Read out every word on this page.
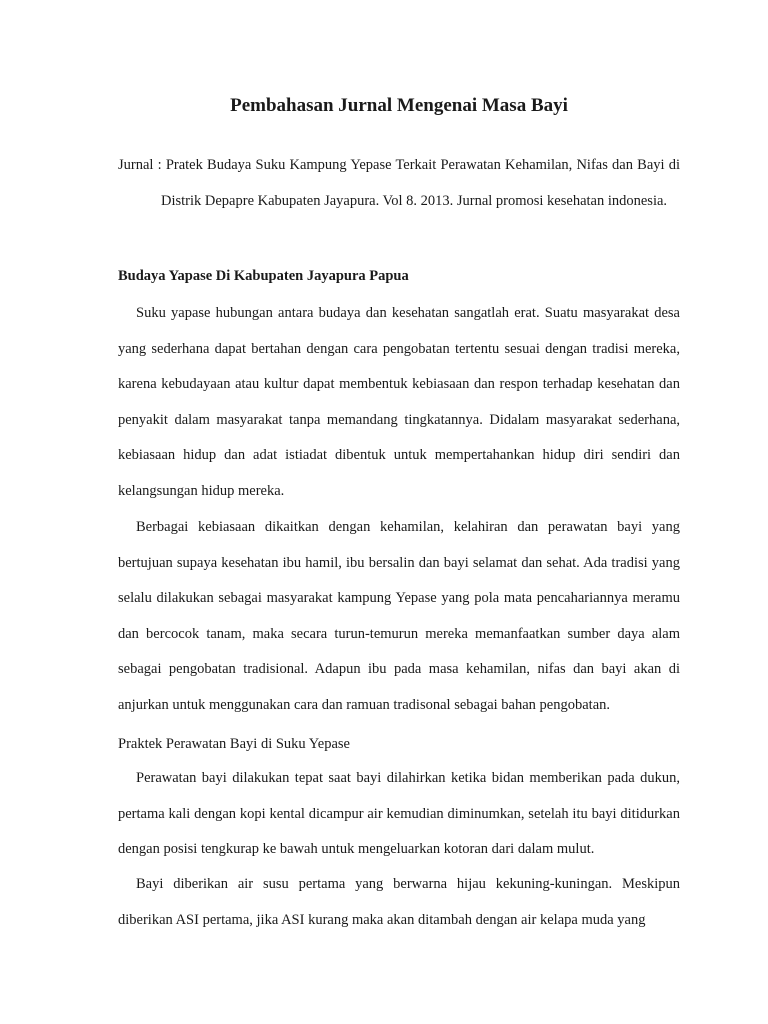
Pembahasan Jurnal Mengenai Masa Bayi

Jurnal : Pratek Budaya Suku Kampung Yepase Terkait Perawatan Kehamilan, Nifas dan Bayi di Distrik Depapre Kabupaten Jayapura. Vol 8. 2013. Jurnal promosi kesehatan indonesia.

Budaya Yapase Di Kabupaten Jayapura Papua

Suku yapase hubungan antara budaya dan kesehatan sangatlah erat. Suatu masyarakat desa yang sederhana dapat bertahan dengan cara pengobatan tertentu sesuai dengan tradisi mereka, karena kebudayaan atau kultur dapat membentuk kebiasaan dan respon terhadap kesehatan dan penyakit dalam masyarakat tanpa memandang tingkatannya. Didalam masyarakat sederhana, kebiasaan hidup dan adat istiadat dibentuk untuk mempertahankan hidup diri sendiri dan kelangsungan hidup mereka.

Berbagai kebiasaan dikaitkan dengan kehamilan, kelahiran dan perawatan bayi yang bertujuan supaya kesehatan ibu hamil, ibu bersalin dan bayi selamat dan sehat. Ada tradisi yang selalu dilakukan sebagai masyarakat kampung Yepase yang pola mata pencahariannya meramu dan bercocok tanam, maka secara turun-temurun mereka memanfaatkan sumber daya alam sebagai pengobatan tradisional. Adapun ibu pada masa kehamilan, nifas dan bayi akan di anjurkan untuk menggunakan cara dan ramuan tradisonal sebagai bahan pengobatan.

Praktek Perawatan Bayi di Suku Yepase

Perawatan bayi dilakukan tepat saat bayi dilahirkan ketika bidan memberikan pada dukun, pertama kali dengan kopi kental dicampur air kemudian diminumkan, setelah itu bayi ditidurkan dengan posisi tengkurap ke bawah untuk mengeluarkan kotoran dari dalam mulut.

Bayi diberikan air susu pertama yang berwarna hijau kekuning-kuningan. Meskipun diberikan ASI pertama, jika ASI kurang maka akan ditambah dengan air kelapa muda yang
